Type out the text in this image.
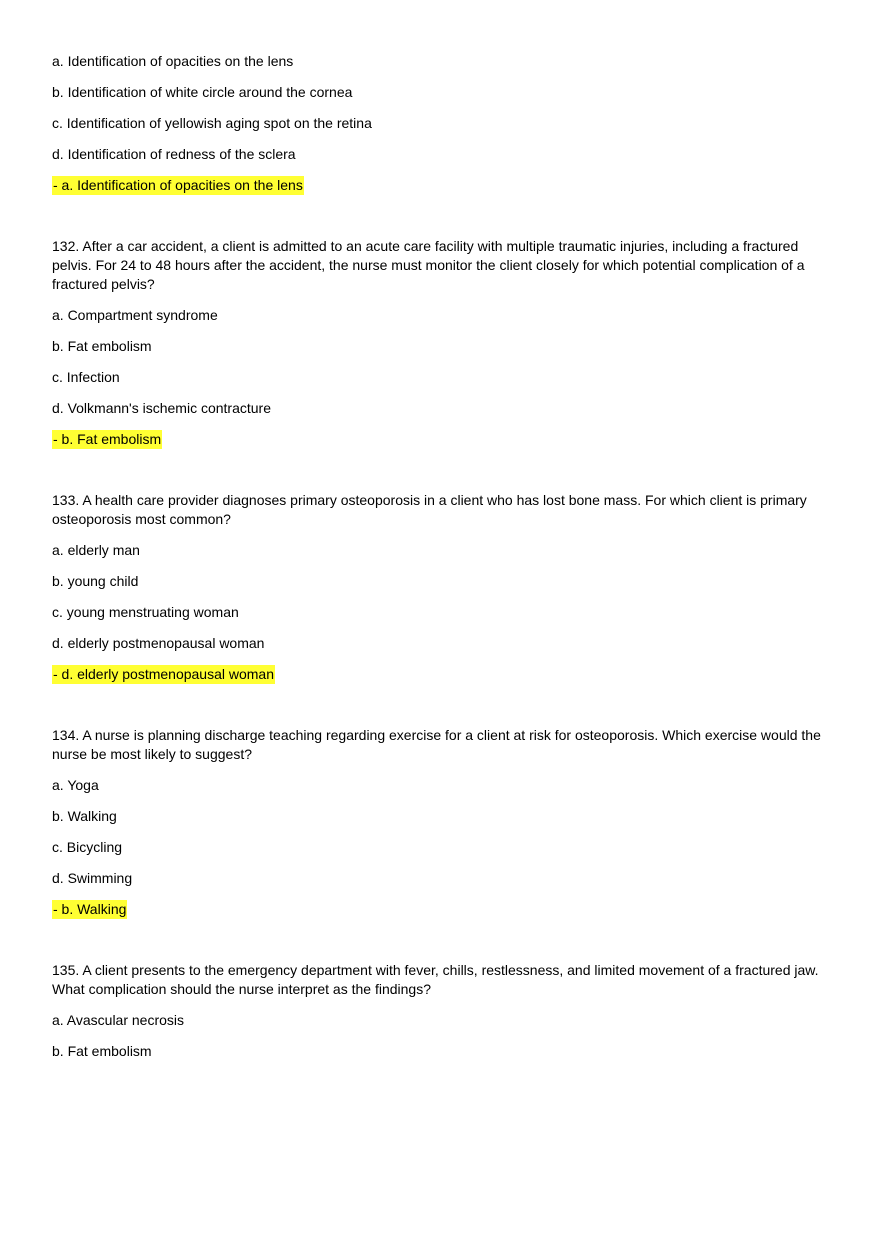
a. Identification of opacities on the lens

b. Identification of white circle around the cornea

c. Identification of yellowish aging spot on the retina

d. Identification of redness of the sclera

- a. Identification of opacities on the lens

132. After a car accident, a client is admitted to an acute care facility with multiple traumatic injuries, including a fractured pelvis. For 24 to 48 hours after the accident, the nurse must monitor the client closely for which potential complication of a fractured pelvis?

a. Compartment syndrome

b. Fat embolism

c. Infection

d. Volkmann's ischemic contracture

- b. Fat embolism

133. A health care provider diagnoses primary osteoporosis in a client who has lost bone mass. For which client is primary osteoporosis most common?

a. elderly man

b. young child

c. young menstruating woman

d. elderly postmenopausal woman

- d. elderly postmenopausal woman

134. A nurse is planning discharge teaching regarding exercise for a client at risk for osteoporosis. Which exercise would the nurse be most likely to suggest?

a. Yoga

b. Walking

c. Bicycling

d. Swimming

- b. Walking

135. A client presents to the emergency department with fever, chills, restlessness, and limited movement of a fractured jaw. What complication should the nurse interpret as the findings?

a. Avascular necrosis

b. Fat embolism
